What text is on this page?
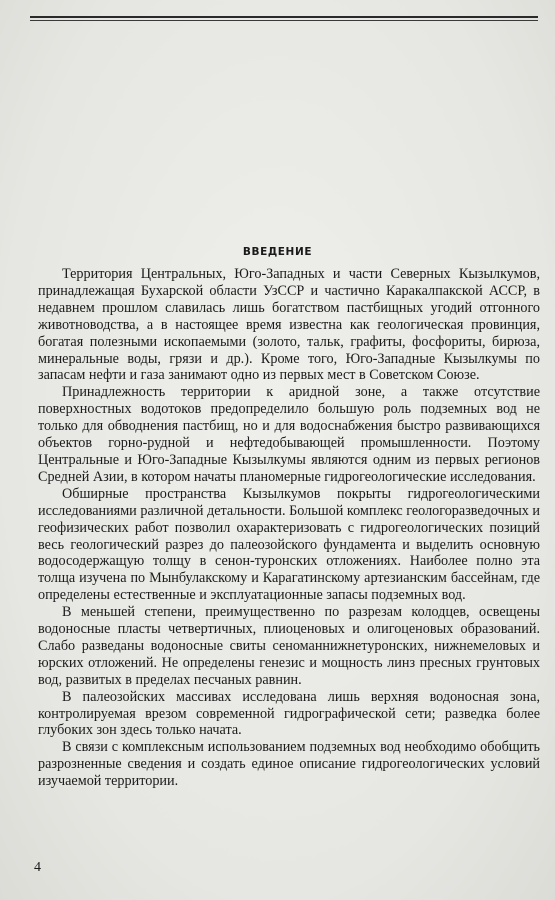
ВВЕДЕНИЕ

Территория Центральных, Юго-Западных и части Северных Кызылкумов, принадлежащая Бухарской области УзССР и частично Каракалпакской АССР, в недавнем прошлом славилась лишь богатством пастбищных угодий отгонного животноводства, а в настоящее время известна как геологическая провинция, богатая полезными ископаемыми (золото, тальк, графиты, фосфориты, бирюза, минеральные воды, грязи и др.). Кроме того, Юго-Западные Кызылкумы по запасам нефти и газа занимают одно из первых мест в Советском Союзе.

Принадлежность территории к аридной зоне, а также отсутствие поверхностных водотоков предопределило большую роль подземных вод не только для обводнения пастбищ, но и для водоснабжения быстро развивающихся объектов горно-рудной и нефтедобывающей промышленности. Поэтому Центральные и Юго-Западные Кызылкумы являются одним из первых регионов Средней Азии, в котором начаты планомерные гидрогеологические исследования.

Обширные пространства Кызылкумов покрыты гидрогеологическими исследованиями различной детальности. Большой комплекс геологоразведочных и геофизических работ позволил охарактеризовать с гидрогеологических позиций весь геологический разрез до палеозойского фундамента и выделить основную водосодержащую толщу в сенон-туронских отложениях. Наиболее полно эта толща изучена по Мынбулакскому и Карагатинскому артезианским бассейнам, где определены естественные и эксплуатационные запасы подземных вод.

В меньшей степени, преимущественно по разрезам колодцев, освещены водоносные пласты четвертичных, плиоценовых и олигоценовых образований. Слабо разведаны водоносные свиты сеноманнижнетуронских, нижнемеловых и юрских отложений. Не определены генезис и мощность линз пресных грунтовых вод, развитых в пределах песчаных равнин.

В палеозойских массивах исследована лишь верхняя водоносная зона, контролируемая врезом современной гидрографической сети; разведка более глубоких зон здесь только начата.

В связи с комплексным использованием подземных вод необходимо обобщить разрозненные сведения и создать единое описание гидрогеологических условий изучаемой территории.

4
